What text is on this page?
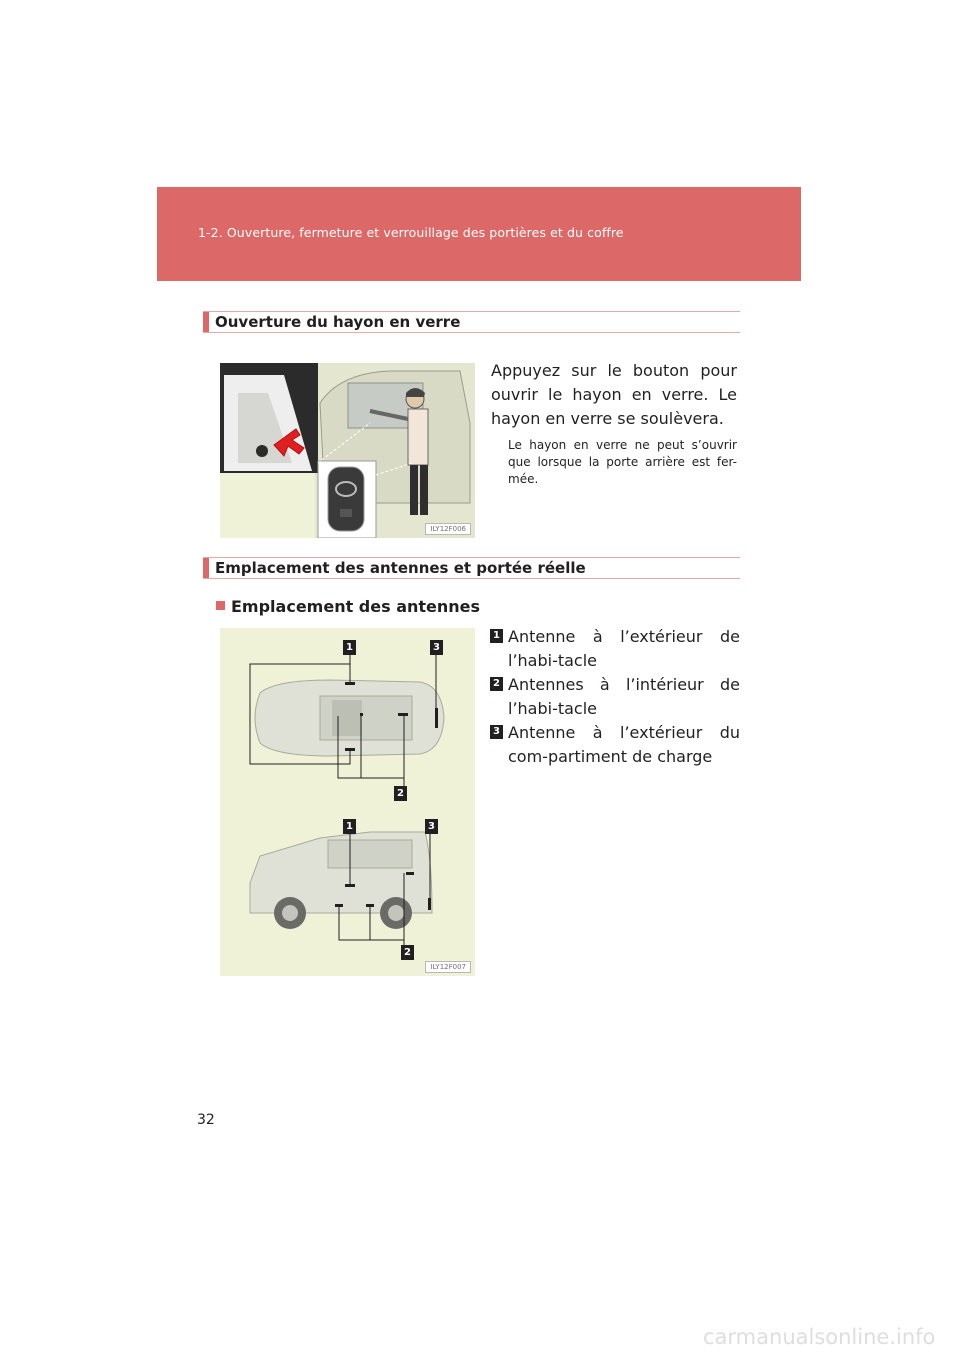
1-2. Ouverture, fermeture et verrouillage des portières et du coffre
Ouverture du hayon en verre
ILY12F006
Appuyez sur le bouton pour ouvrir le hayon en verre. Le hayon en verre se soulèvera.
Le hayon en verre ne peut s’ouvrir que lorsque la porte arrière est fer-mée.
Emplacement des antennes et portée réelle
Emplacement des antennes
1	3
2
1	3
2
ILY12F007
1 Antenne à l’extérieur de l’habi-tacle
2 Antennes à l’intérieur de l’habi-tacle
3 Antenne à l’extérieur du com-partiment de charge
32
carmanualsonline.info
